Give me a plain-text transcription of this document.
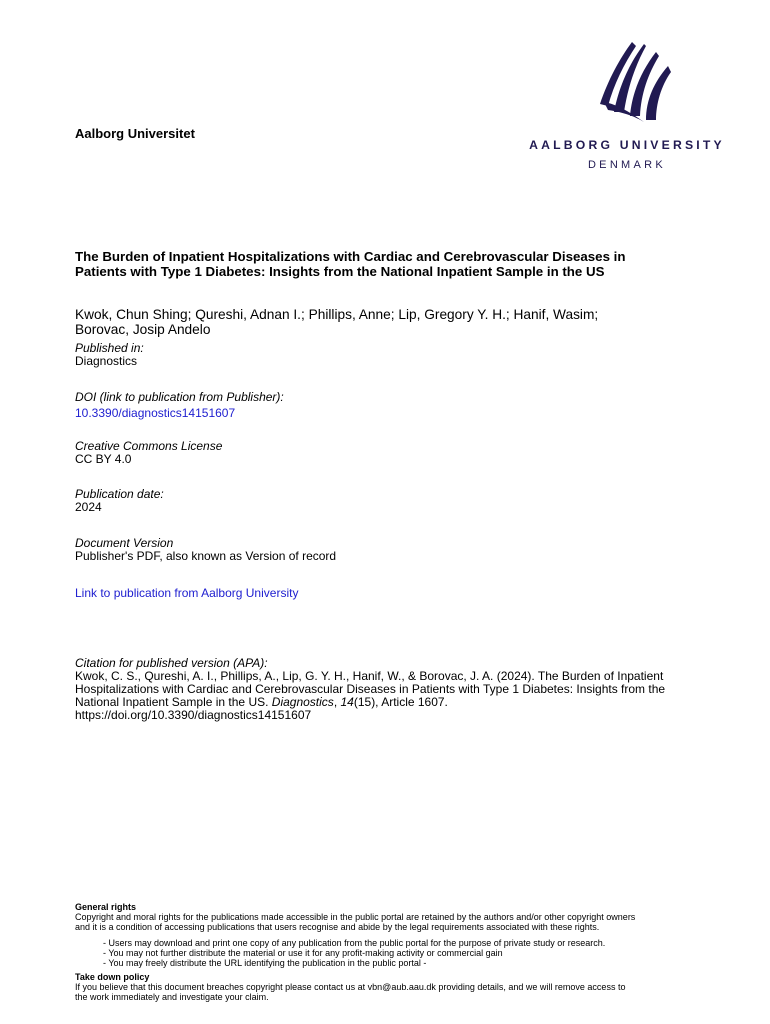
Aalborg Universitet
AALBORG UNIVERSITY
DENMARK
The Burden of Inpatient Hospitalizations with Cardiac and Cerebrovascular Diseases in
Patients with Type 1 Diabetes: Insights from the National Inpatient Sample in the US
Kwok, Chun Shing; Qureshi, Adnan I.; Phillips, Anne; Lip, Gregory Y. H.; Hanif, Wasim;
Borovac, Josip Andelo
Published in:
Diagnostics
DOI (link to publication from Publisher):
10.3390/diagnostics14151607
Creative Commons License
CC BY 4.0
Publication date:
2024
Document Version
Publisher's PDF, also known as Version of record
Link to publication from Aalborg University
Citation for published version (APA):
Kwok, C. S., Qureshi, A. I., Phillips, A., Lip, G. Y. H., Hanif, W., & Borovac, J. A. (2024). The Burden of Inpatient
Hospitalizations with Cardiac and Cerebrovascular Diseases in Patients with Type 1 Diabetes: Insights from the
National Inpatient Sample in the US. Diagnostics, 14(15), Article 1607.
https://doi.org/10.3390/diagnostics14151607
General rights
Copyright and moral rights for the publications made accessible in the public portal are retained by the authors and/or other copyright owners
and it is a condition of accessing publications that users recognise and abide by the legal requirements associated with these rights.
- Users may download and print one copy of any publication from the public portal for the purpose of private study or research.
- You may not further distribute the material or use it for any profit-making activity or commercial gain
- You may freely distribute the URL identifying the publication in the public portal -
Take down policy
If you believe that this document breaches copyright please contact us at vbn@aub.aau.dk providing details, and we will remove access to
the work immediately and investigate your claim.
